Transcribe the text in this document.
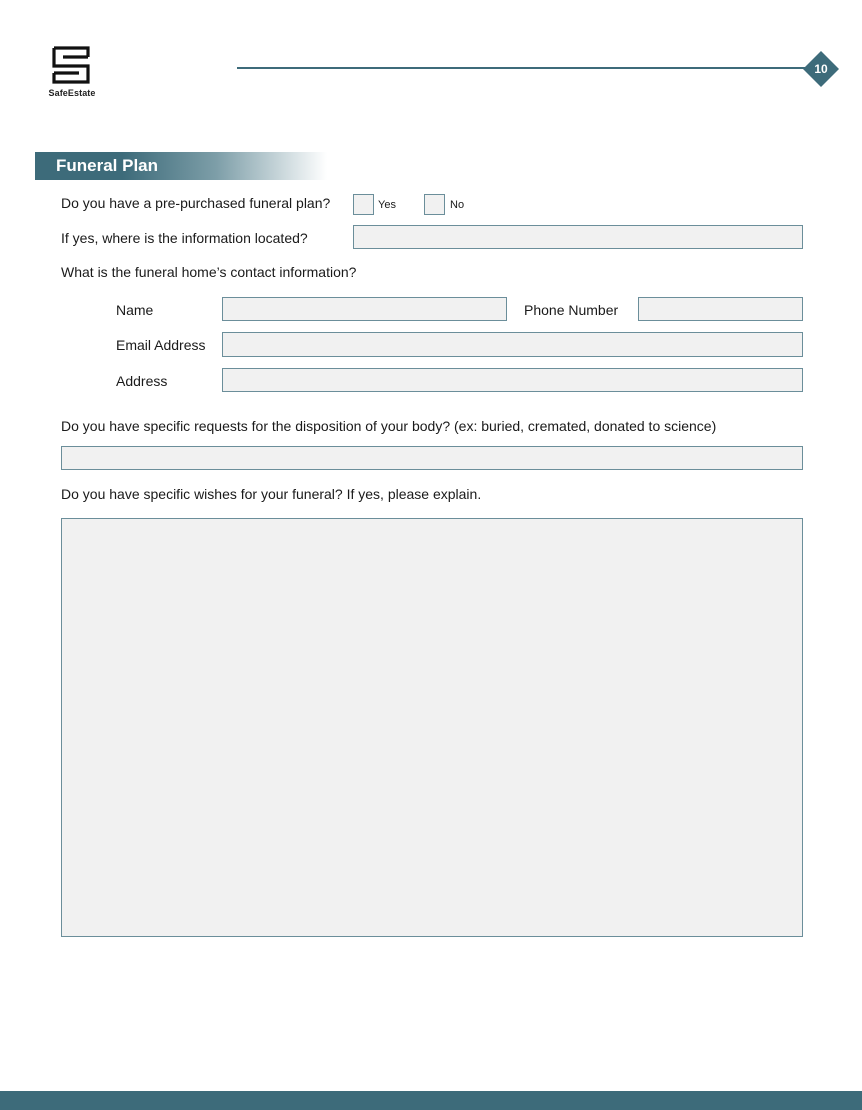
SafeEstate
10
Funeral Plan
Do you have a pre-purchased funeral plan?	Yes	No
If yes, where is the information located?
What is the funeral home’s contact information?
Name	Phone Number
Email Address
Address
Do you have specific requests for the disposition of your body? (ex: buried, cremated, donated to science)
Do you have specific wishes for your funeral? If yes, please explain.
